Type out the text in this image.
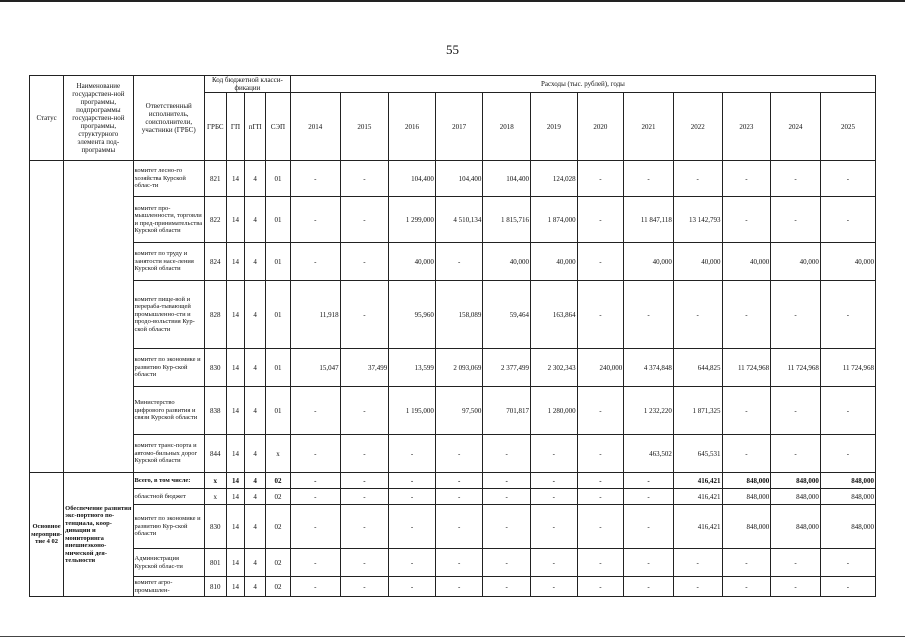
55
Статус	Наименование государствен-ной программы, подпрограммы государствен-ной программы, структурного элемента под-программы	Ответственный исполнитель, соисполнители, участники (ГРБС)	Код бюджетной класси-фикации				Расходы (тыс. рублей), годы											
			ГРБС	ГП	пГП	СЭП	2014	2015	2016	2017	2018	2019	2020	2021	2022	2023	2024	2025
		комитет лесно-го хозяйства Курской облас-ти	821	14	4	01	-	-	104,400	104,400	104,400	124,028	-	-	-	-	-	-
		комитет про-мышленности, торговли и пред-принимательства Курской области	822	14	4	01	-	-	1 299,000	4 510,134	1 815,716	1 874,000	-	11 847,118	13 142,793	-	-	-
		комитет по труду и занятости насе-ления Курской области	824	14	4	01	-	-	40,000	-	40,000	40,000	-	40,000	40,000	40,000	40,000	40,000
		комитет пище-вой и перераба-тывающей промышленно-сти и продо-вольствия Кур-ской области	828	14	4	01	11,918	-	95,960	158,089	59,464	163,864	-	-	-	-	-	-
		комитет по экономике и развитию Кур-ской области	830	14	4	01	15,047	37,499	13,599	2 093,069	2 377,499	2 302,343	240,000	4 374,848	644,825	11 724,968	11 724,968	11 724,968
		Министерство цифрового развития и связи Курской области	838	14	4	01	-	-	1 195,000	97,500	701,817	1 280,000	-	1 232,220	1 871,325	-	-	-
		комитет транс-порта и автомо-бильных дорог Курской области	844	14	4	x	-	-	-	-	-	-	-	463,502	645,531	-	-	-
Основное мероприя-тие 4 02	Обеспечение развития экс-портного по-тенциала, коор-динации и мониторинга внешнеэконо-мической дея-тельности	Всего, в том числе:	x	14	4	02	-	-	-	-	-	-	-	-	416,421	848,000	848,000	848,000
		областной бюджет	x	14	4	02	-	-	-	-	-	-	-	-	416,421	848,000	848,000	848,000
		комитет по экономике и развитию Кур-ской области	830	14	4	02	-	-	-	-	-	-	-	-	416,421	848,000	848,000	848,000
		Администрация Курской облас-ти	801	14	4	02	-	-	-	-	-	-	-	-	-	-	-	-
		комитет агро-промышлен-	810	14	4	02	-	-	-	-	-	-	-	-	-	-	-	-
